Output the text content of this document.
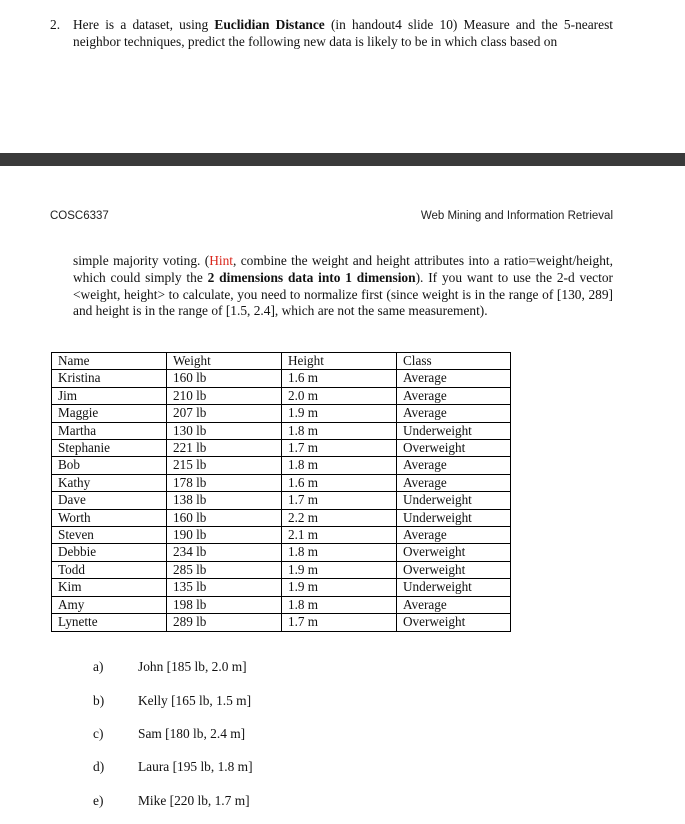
2. Here is a dataset, using Euclidian Distance (in handout4 slide 10) Measure and the 5-nearest neighbor techniques, predict the following new data is likely to be in which class based on
COSC6337	Web Mining and Information Retrieval
simple majority voting. (Hint, combine the weight and height attributes into a ratio=weight/height, which could simply the 2 dimensions data into 1 dimension). If you want to use the 2-d vector <weight, height> to calculate, you need to normalize first (since weight is in the range of [130, 289] and height is in the range of [1.5, 2.4], which are not the same measurement).
Name	Weight	Height	Class
Kristina	160 lb	1.6 m	Average
Jim	210 lb	2.0 m	Average
Maggie	207 lb	1.9 m	Average
Martha	130 lb	1.8 m	Underweight
Stephanie	221 lb	1.7 m	Overweight
Bob	215 lb	1.8 m	Average
Kathy	178 lb	1.6 m	Average
Dave	138 lb	1.7 m	Underweight
Worth	160 lb	2.2 m	Underweight
Steven	190 lb	2.1 m	Average
Debbie	234 lb	1.8 m	Overweight
Todd	285 lb	1.9 m	Overweight
Kim	135 lb	1.9 m	Underweight
Amy	198 lb	1.8 m	Average
Lynette	289 lb	1.7 m	Overweight
a)	John [185 lb, 2.0 m]
b)	Kelly [165 lb, 1.5 m]
c)	Sam [180 lb, 2.4 m]
d)	Laura [195 lb, 1.8 m]
e)	Mike [220 lb, 1.7 m]
